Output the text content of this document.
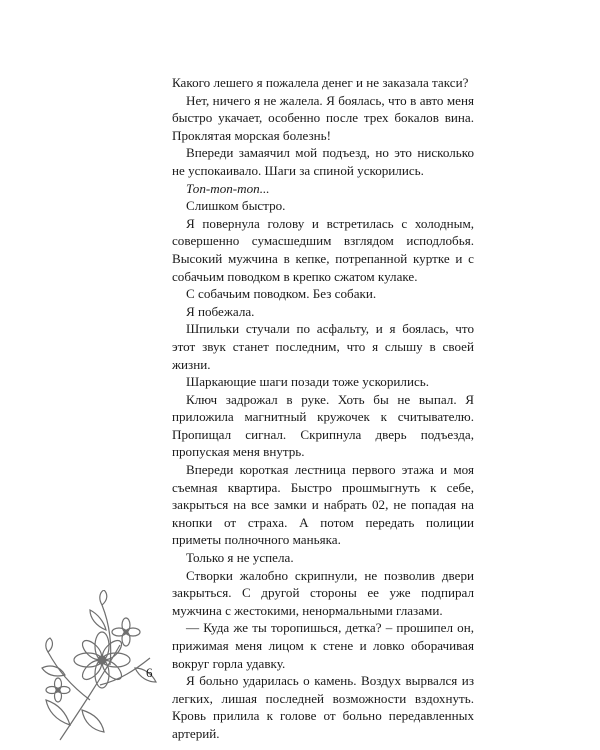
Какого лешего я пожалела денег и не заказала такси?

Нет, ничего я не жалела. Я боялась, что в авто меня быстро укачает, особенно после трех бокалов вина. Проклятая морская болезнь!

Впереди замаячил мой подъезд, но это нисколько не успокаивало. Шаги за спиной ускорились.

Топ-топ-топ...

Слишком быстро.

Я повернула голову и встретилась с холодным, совершенно сумасшедшим взглядом исподлобья. Высокий мужчина в кепке, потрепанной куртке и с собачьим поводком в крепко сжатом кулаке.

С собачьим поводком. Без собаки.

Я побежала.

Шпильки стучали по асфальту, и я боялась, что этот звук станет последним, что я слышу в своей жизни.

Шаркающие шаги позади тоже ускорились.

Ключ задрожал в руке. Хоть бы не выпал. Я приложила магнитный кружочек к считывателю. Пропищал сигнал. Скрипнула дверь подъезда, пропуская меня внутрь.

Впереди короткая лестница первого этажа и моя съемная квартира. Быстро прошмыгнуть к себе, закрыться на все замки и набрать 02, не попадая на кнопки от страха. А потом передать полиции приметы полночного маньяка.

Только я не успела.

Створки жалобно скрипнули, не позволив двери закрыться. С другой стороны ее уже подпирал мужчина с жестокими, ненормальными глазами.

— Куда же ты торопишься, детка? – прошипел он, прижимая меня лицом к стене и ловко оборачивая вокруг горла удавку.

Я больно ударилась о камень. Воздух вырвался из легких, лишая последней возможности вздохнуть. Кровь прилила к голове от больно передавленных артерий.

6
